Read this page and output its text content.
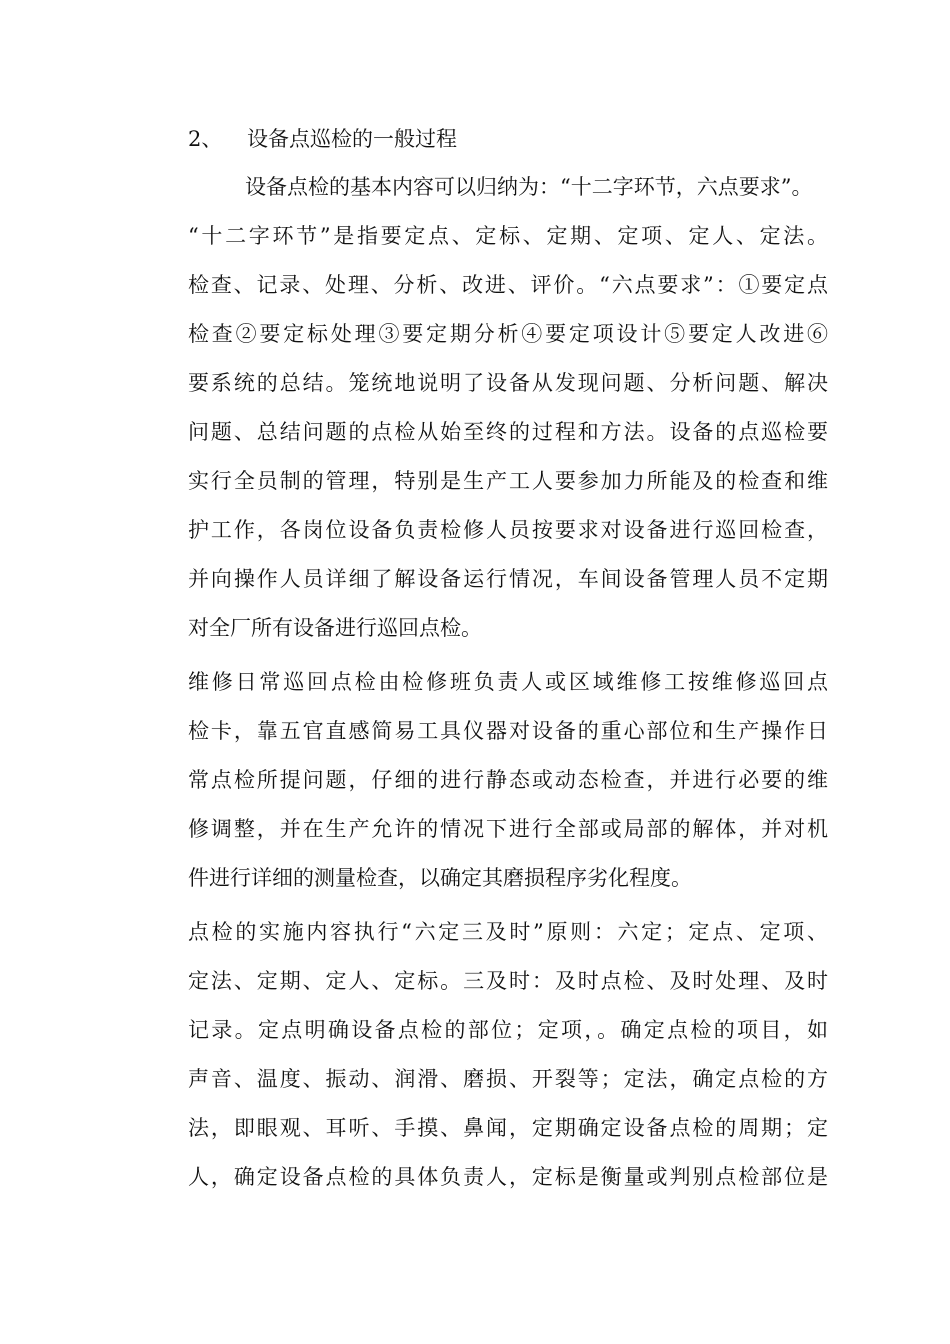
2、 设备点巡检的一般过程
设备点检的基本内容可以归纳为：“十二字环节，六点要求”。
“十二字环节”是指要定点、定标、定期、定项、定人、定法。
检查、记录、处理、分析、改进、评价。“六点要求”：①要定点
检查②要定标处理③要定期分析④要定项设计⑤要定人改进⑥
要系统的总结。笼统地说明了设备从发现问题、分析问题、解决
问题、总结问题的点检从始至终的过程和方法。设备的点巡检要
实行全员制的管理，特别是生产工人要参加力所能及的检查和维
护工作，各岗位设备负责检修人员按要求对设备进行巡回检查，
并向操作人员详细了解设备运行情况，车间设备管理人员不定期
对全厂所有设备进行巡回点检。
维修日常巡回点检由检修班负责人或区域维修工按维修巡回点
检卡，靠五官直感简易工具仪器对设备的重心部位和生产操作日
常点检所提问题，仔细的进行静态或动态检查，并进行必要的维
修调整，并在生产允许的情况下进行全部或局部的解体，并对机
件进行详细的测量检查，以确定其磨损程序劣化程度。
点检的实施内容执行“六定三及时”原则：六定；定点、定项、
定法、定期、定人、定标。三及时：及时点检、及时处理、及时
记录。定点明确设备点检的部位；定项，。确定点检的项目，如
声音、温度、振动、润滑、磨损、开裂等；定法，确定点检的方
法，即眼观、耳听、手摸、鼻闻，定期确定设备点检的周期；定
人，确定设备点检的具体负责人，定标是衡量或判别点检部位是
